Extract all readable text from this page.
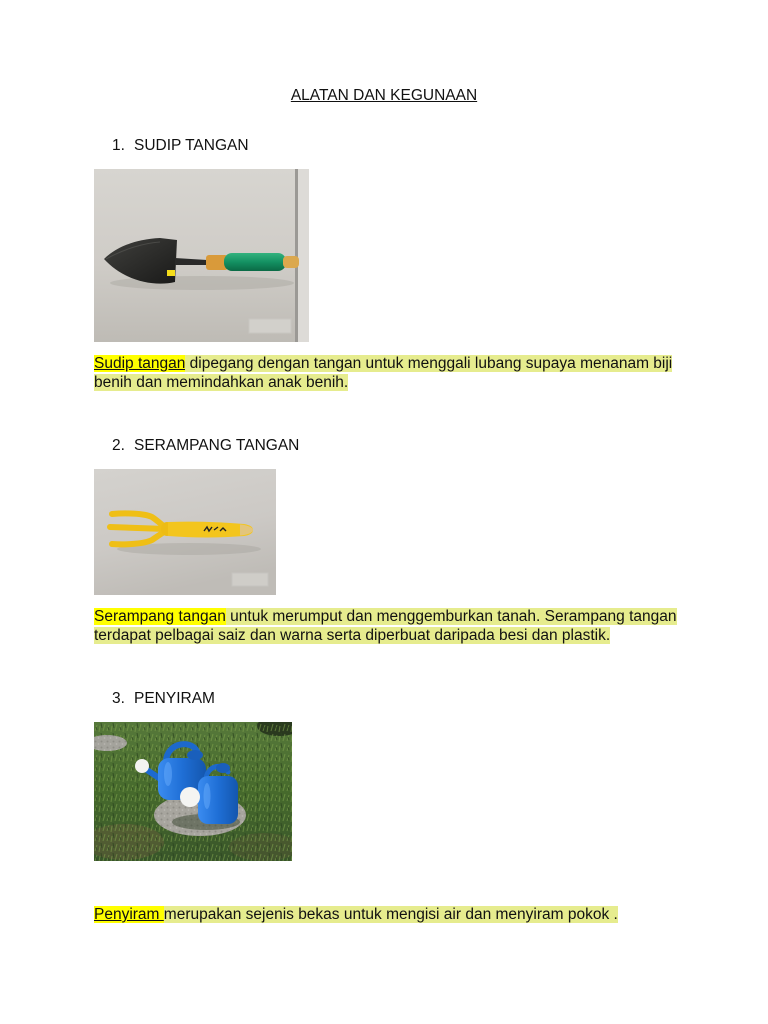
ALATAN DAN KEGUNAAN
1. SUDIP TANGAN
Sudip tangan dipegang dengan tangan untuk menggali lubang supaya menanam biji
benih dan memindahkan anak benih.
2. SERAMPANG TANGAN
Serampang tangan untuk merumput dan menggemburkan tanah. Serampang tangan
terdapat pelbagai saiz dan warna serta diperbuat daripada besi dan plastik.
3. PENYIRAM
Penyiram merupakan sejenis bekas untuk mengisi air dan menyiram pokok .
